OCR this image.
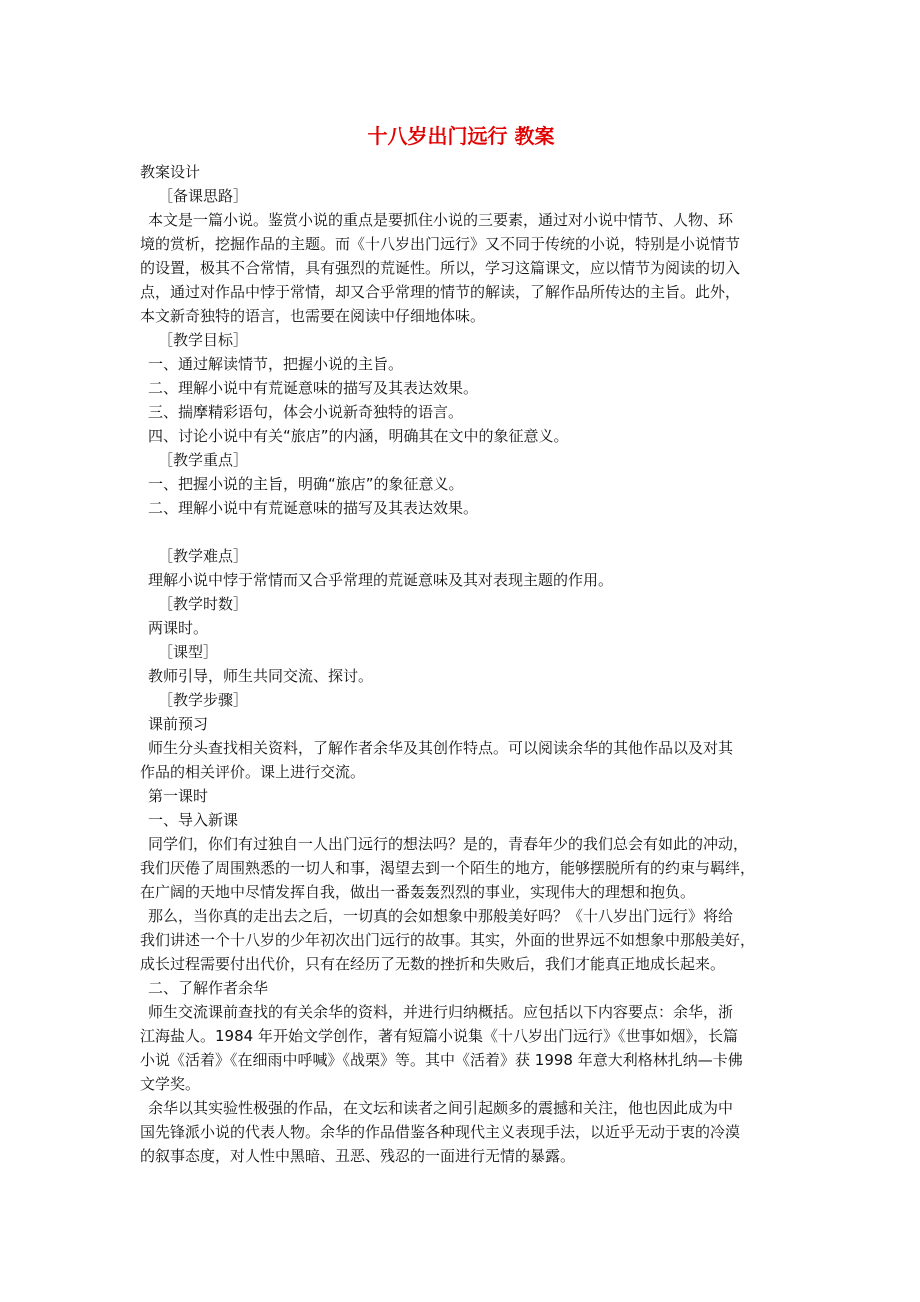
十八岁出门远行 教案
教案设计
［备课思路］
本文是一篇小说。鉴赏小说的重点是要抓住小说的三要素，通过对小说中情节、人物、环
境的赏析，挖掘作品的主题。而《十八岁出门远行》又不同于传统的小说，特别是小说情节
的设置，极其不合常情，具有强烈的荒诞性。所以，学习这篇课文，应以情节为阅读的切入
点，通过对作品中悖于常情，却又合乎常理的情节的解读，了解作品所传达的主旨。此外，
本文新奇独特的语言，也需要在阅读中仔细地体味。
［教学目标］
一、通过解读情节，把握小说的主旨。
二、理解小说中有荒诞意味的描写及其表达效果。
三、揣摩精彩语句，体会小说新奇独特的语言。
四、讨论小说中有关“旅店”的内涵，明确其在文中的象征意义。
［教学重点］
一、把握小说的主旨，明确“旅店”的象征意义。
二、理解小说中有荒诞意味的描写及其表达效果。
［教学难点］
理解小说中悖于常情而又合乎常理的荒诞意味及其对表现主题的作用。
［教学时数］
两课时。
［课型］
教师引导，师生共同交流、探讨。
［教学步骤］
课前预习
师生分头查找相关资料，了解作者余华及其创作特点。可以阅读余华的其他作品以及对其
作品的相关评价。课上进行交流。
第一课时
一、导入新课
同学们，你们有过独自一人出门远行的想法吗？是的，青春年少的我们总会有如此的冲动，
我们厌倦了周围熟悉的一切人和事，渴望去到一个陌生的地方，能够摆脱所有的约束与羁绊，
在广阔的天地中尽情发挥自我，做出一番轰轰烈烈的事业，实现伟大的理想和抱负。
那么，当你真的走出去之后，一切真的会如想象中那般美好吗？《十八岁出门远行》将给
我们讲述一个十八岁的少年初次出门远行的故事。其实，外面的世界远不如想象中那般美好，
成长过程需要付出代价，只有在经历了无数的挫折和失败后，我们才能真正地成长起来。
二、了解作者余华
师生交流课前查找的有关余华的资料，并进行归纳概括。应包括以下内容要点：余华，浙
江海盐人。1984 年开始文学创作，著有短篇小说集《十八岁出门远行》《世事如烟》，长篇
小说《活着》《在细雨中呼喊》《战栗》等。其中《活着》获 1998 年意大利格林扎纳—卡佛
文学奖。
余华以其实验性极强的作品，在文坛和读者之间引起颇多的震撼和关注，他也因此成为中
国先锋派小说的代表人物。余华的作品借鉴各种现代主义表现手法，以近乎无动于衷的冷漠
的叙事态度，对人性中黑暗、丑恶、残忍的一面进行无情的暴露。
